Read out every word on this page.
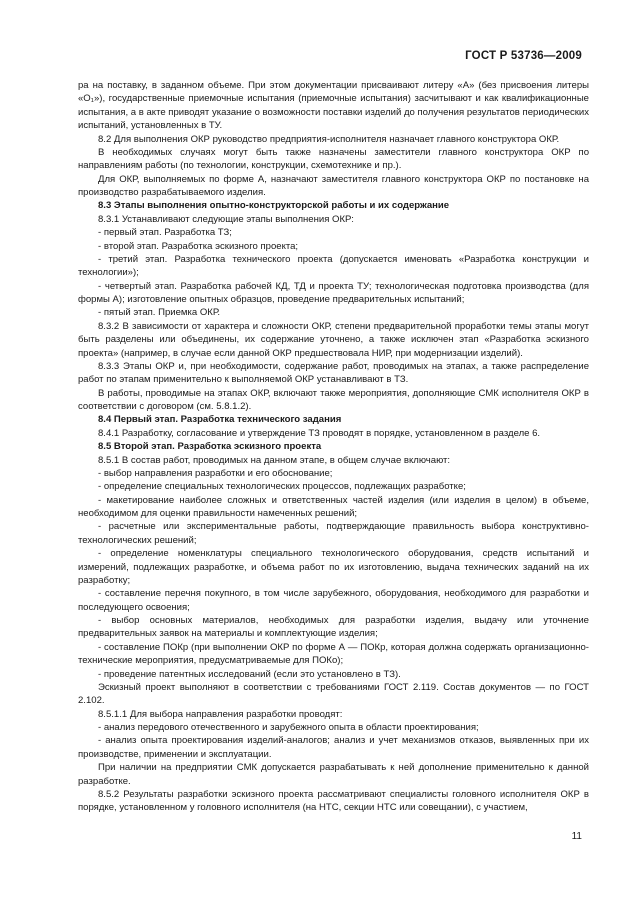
ГОСТ Р 53736—2009

ра на поставку, в заданном объеме. При этом документации присваивают литеру «А» (без присвоения литеры «О₁»), государственные приемочные испытания (приемочные испытания) засчитывают и как квалификационные испытания, а в акте приводят указание о возможности поставки изделий до получения результатов периодических испытаний, установленных в ТУ.

8.2 Для выполнения ОКР руководство предприятия-исполнителя назначает главного конструктора ОКР.

В необходимых случаях могут быть также назначены заместители главного конструктора ОКР по направлениям работы (по технологии, конструкции, схемотехнике и пр.).

Для ОКР, выполняемых по форме А, назначают заместителя главного конструктора ОКР по постановке на производство разрабатываемого изделия.

8.3 Этапы выполнения опытно-конструкторской работы и их содержание

8.3.1 Устанавливают следующие этапы выполнения ОКР:

- первый этап. Разработка ТЗ;

- второй этап. Разработка эскизного проекта;

- третий этап. Разработка технического проекта (допускается именовать «Разработка конструкции и технологии»);

- четвертый этап. Разработка рабочей КД, ТД и проекта ТУ; технологическая подготовка производства (для формы А); изготовление опытных образцов, проведение предварительных испытаний;

- пятый этап. Приемка ОКР.

8.3.2 В зависимости от характера и сложности ОКР, степени предварительной проработки темы этапы могут быть разделены или объединены, их содержание уточнено, а также исключен этап «Разработка эскизного проекта» (например, в случае если данной ОКР предшествовала НИР, при модернизации изделий).

8.3.3 Этапы ОКР и, при необходимости, содержание работ, проводимых на этапах, а также распределение работ по этапам применительно к выполняемой ОКР устанавливают в ТЗ.

В работы, проводимые на этапах ОКР, включают также мероприятия, дополняющие СМК исполнителя ОКР в соответствии с договором (см. 5.8.1.2).

8.4 Первый этап. Разработка технического задания

8.4.1 Разработку, согласование и утверждение ТЗ проводят в порядке, установленном в разделе 6.

8.5 Второй этап. Разработка эскизного проекта

8.5.1 В состав работ, проводимых на данном этапе, в общем случае включают:

- выбор направления разработки и его обоснование;

- определение специальных технологических процессов, подлежащих разработке;

- макетирование наиболее сложных и ответственных частей изделия (или изделия в целом) в объеме, необходимом для оценки правильности намеченных решений;

- расчетные или экспериментальные работы, подтверждающие правильность выбора конструктивно-технологических решений;

- определение номенклатуры специального технологического оборудования, средств испытаний и измерений, подлежащих разработке, и объема работ по их изготовлению, выдача технических заданий на их разработку;

- составление перечня покупного, в том числе зарубежного, оборудования, необходимого для разработки и последующего освоения;

- выбор основных материалов, необходимых для разработки изделия, выдачу или уточнение предварительных заявок на материалы и комплектующие изделия;

- составление ПОКр (при выполнении ОКР по форме А — ПОКр, которая должна содержать организационно-технические мероприятия, предусматриваемые для ПОКо);

- проведение патентных исследований (если это установлено в ТЗ).

Эскизный проект выполняют в соответствии с требованиями ГОСТ 2.119. Состав документов — по ГОСТ 2.102.

8.5.1.1 Для выбора направления разработки проводят:

- анализ передового отечественного и зарубежного опыта в области проектирования;

- анализ опыта проектирования изделий-аналогов; анализ и учет механизмов отказов, выявленных при их производстве, применении и эксплуатации.

При наличии на предприятии СМК допускается разрабатывать к ней дополнение применительно к данной разработке.

8.5.2 Результаты разработки эскизного проекта рассматривают специалисты головного исполнителя ОКР в порядке, установленном у головного исполнителя (на НТС, секции НТС или совещании), с участием,

11
